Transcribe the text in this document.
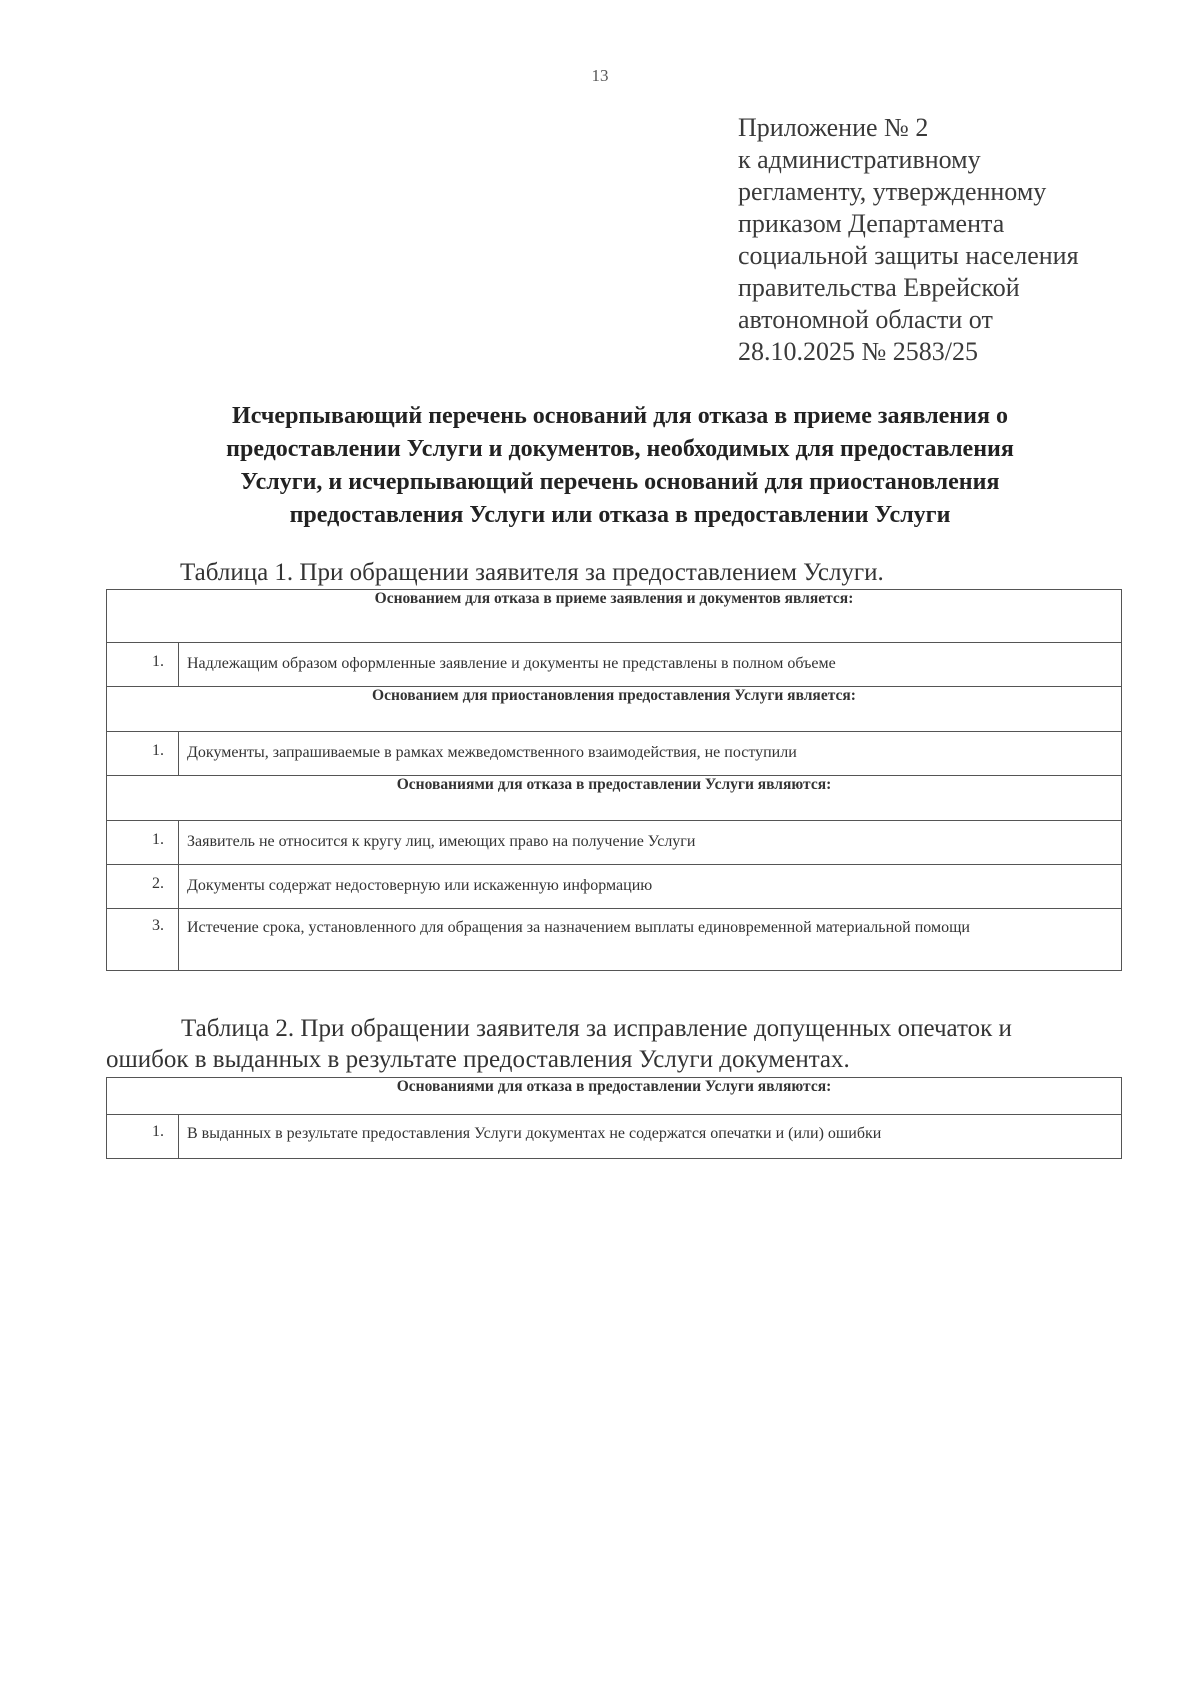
13
Приложение № 2
к административному
регламенту, утвержденному
приказом Департамента
социальной защиты населения
правительства Еврейской
автономной области от
28.10.2025 № 2583/25
Исчерпывающий перечень оснований для отказа в приеме заявления о
предоставлении Услуги и документов, необходимых для предоставления
Услуги, и исчерпывающий перечень оснований для приостановления
предоставления Услуги или отказа в предоставлении Услуги
Таблица 1. При обращении заявителя за предоставлением Услуги.
Основанием для отказа в приеме заявления и документов является:	
1.	Надлежащим образом оформленные заявление и документы не представлены в полном объеме
Основанием для приостановления предоставления Услуги является:	
1.	Документы, запрашиваемые в рамках межведомственного взаимодействия, не поступили
Основаниями для отказа в предоставлении Услуги являются:	
1.	Заявитель не относится к кругу лиц, имеющих право на получение Услуги
2.	Документы содержат недостоверную или искаженную информацию
3.	Истечение срока, установленного для обращения за назначением выплаты единовременной материальной помощи
Таблица 2. При обращении заявителя за исправление допущенных опечаток и
ошибок в выданных в результате предоставления Услуги документах.
Основаниями для отказа в предоставлении Услуги являются:
1.	В выданных в результате предоставления Услуги документах не содержатся опечатки и (или) ошибки
